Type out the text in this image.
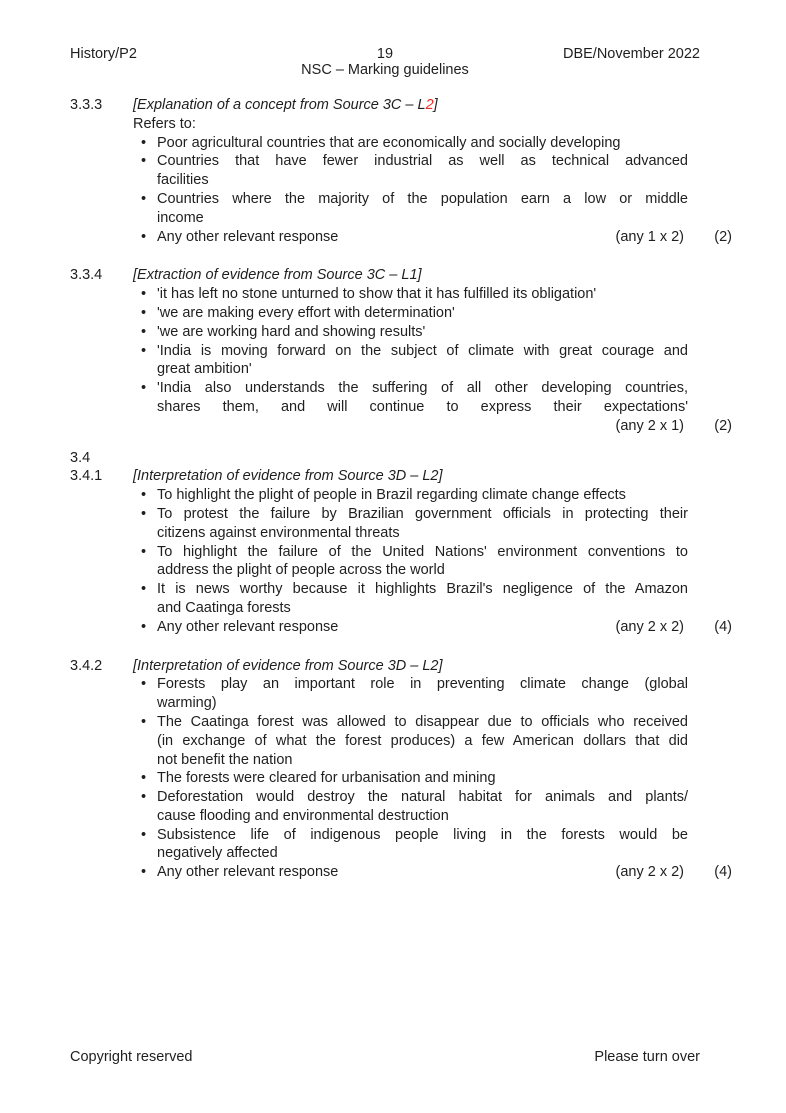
History/P2	19	DBE/November 2022
NSC – Marking guidelines
3.3.3	[Explanation of a concept from Source 3C – L2]
Refers to:
• Poor agricultural countries that are economically and socially developing
• Countries that have fewer industrial as well as technical advanced
facilities
• Countries where the majority of the population earn a low or middle
income
• Any other relevant response	(any 1 x 2)	(2)
3.3.4	[Extraction of evidence from Source 3C – L1]
• 'it has left no stone unturned to show that it has fulfilled its obligation'
• 'we are making every effort with determination'
• 'we are working hard and showing results'
• 'India is moving forward on the subject of climate with great courage and
great ambition'
• 'India also understands the suffering of all other developing countries,
shares them, and will continue to express their expectations'
(any 2 x 1)	(2)
3.4
3.4.1	[Interpretation of evidence from Source 3D – L2]
• To highlight the plight of people in Brazil regarding climate change effects
• To protest the failure by Brazilian government officials in protecting their
citizens against environmental threats
• To highlight the failure of the United Nations' environment conventions to
address the plight of people across the world
• It is news worthy because it highlights Brazil's negligence of the Amazon
and Caatinga forests
• Any other relevant response	(any 2 x 2)	(4)
3.4.2	[Interpretation of evidence from Source 3D – L2]
• Forests play an important role in preventing climate change (global
warming)
• The Caatinga forest was allowed to disappear due to officials who received
(in exchange of what the forest produces) a few American dollars that did
not benefit the nation
• The forests were cleared for urbanisation and mining
• Deforestation would destroy the natural habitat for animals and plants/
cause flooding and environmental destruction
• Subsistence life of indigenous people living in the forests would be
negatively affected
• Any other relevant response	(any 2 x 2)	(4)
Copyright reserved	Please turn over
